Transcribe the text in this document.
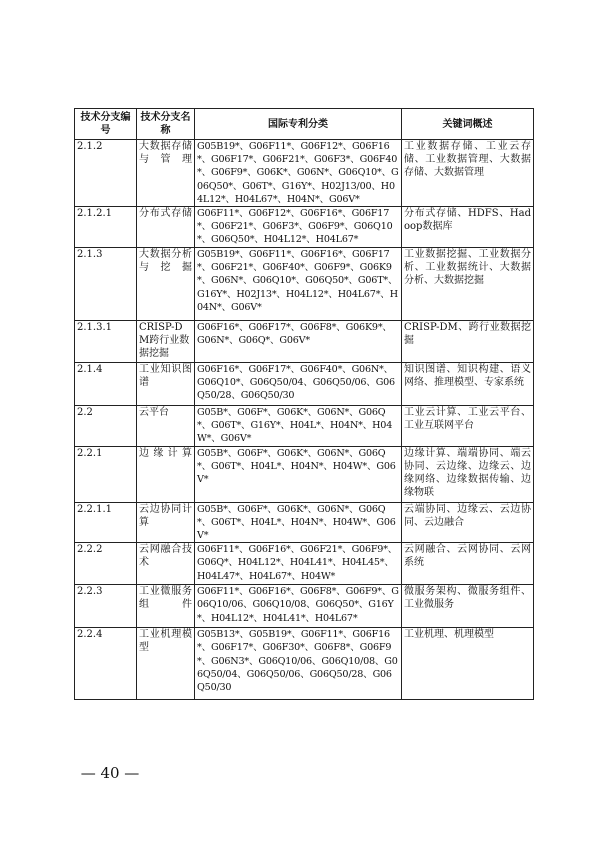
技术分支编号	技术分支名称	国际专利分类	关键词概述
2.1.2	大数据存储与管理	G05B19*、G06F11*、G06F12*、G06F16*、G06F17*、G06F21*、G06F3*、G06F40*、G06F9*、G06K*、G06N*、G06Q10*、G06Q50*、G06T*、G16Y*、H02J13/00、H04L12*、H04L67*、H04N*、G06V*	工业数据存储、工业云存储、工业数据管理、大数据存储、大数据管理
2.1.2.1	分布式存储	G06F11*、G06F12*、G06F16*、G06F17*、G06F21*、G06F3*、G06F9*、G06Q10*、G06Q50*、H04L12*、H04L67*	分布式存储、HDFS、Hadoop数据库
2.1.3	大数据分析与挖掘	G05B19*、G06F11*、G06F16*、G06F17*、G06F21*、G06F40*、G06F9*、G06K9*、G06N*、G06Q10*、G06Q50*、G06T*、G16Y*、H02J13*、H04L12*、H04L67*、H04N*、G06V*	工业数据挖掘、工业数据分析、工业数据统计、大数据分析、大数据挖掘
2.1.3.1	CRISP-DM跨行业数据挖掘	G06F16*、G06F17*、G06F8*、G06K9*、G06N*、G06Q*、G06V*	CRISP-DM、跨行业数据挖掘
2.1.4	工业知识图谱	G06F16*、G06F17*、G06F40*、G06N*、G06Q10*、G06Q50/04、G06Q50/06、G06Q50/28、G06Q50/30	知识图谱、知识构建、语义网络、推理模型、专家系统
2.2	云平台	G05B*、G06F*、G06K*、G06N*、G06Q*、G06T*、G16Y*、H04L*、H04N*、H04W*、G06V*	工业云计算、工业云平台、工业互联网平台
2.2.1	边缘计算	G05B*、G06F*、G06K*、G06N*、G06Q*、G06T*、H04L*、H04N*、H04W*、G06V*	边缘计算、端端协同、端云协同、云边缘、边缘云、边缘网络、边缘数据传输、边缘物联
2.2.1.1	云边协同计算	G05B*、G06F*、G06K*、G06N*、G06Q*、G06T*、H04L*、H04N*、H04W*、G06V*	云端协同、边缘云、云边协同、云边融合
2.2.2	云网融合技术	G06F11*、G06F16*、G06F21*、G06F9*、G06Q*、H04L12*、H04L41*、H04L45*、H04L47*、H04L67*、H04W*	云网融合、云网协同、云网系统
2.2.3	工业微服务组件	G06F11*、G06F16*、G06F8*、G06F9*、G06Q10/06、G06Q10/08、G06Q50*、G16Y*、H04L12*、H04L41*、H04L67*	微服务架构、微服务组件、工业微服务
2.2.4	工业机理模型	G05B13*、G05B19*、G06F11*、G06F16*、G06F17*、G06F30*、G06F8*、G06F9*、G06N3*、G06Q10/06、G06Q10/08、G06Q50/04、G06Q50/06、G06Q50/28、G06Q50/30	工业机理、机理模型
— 40 —
